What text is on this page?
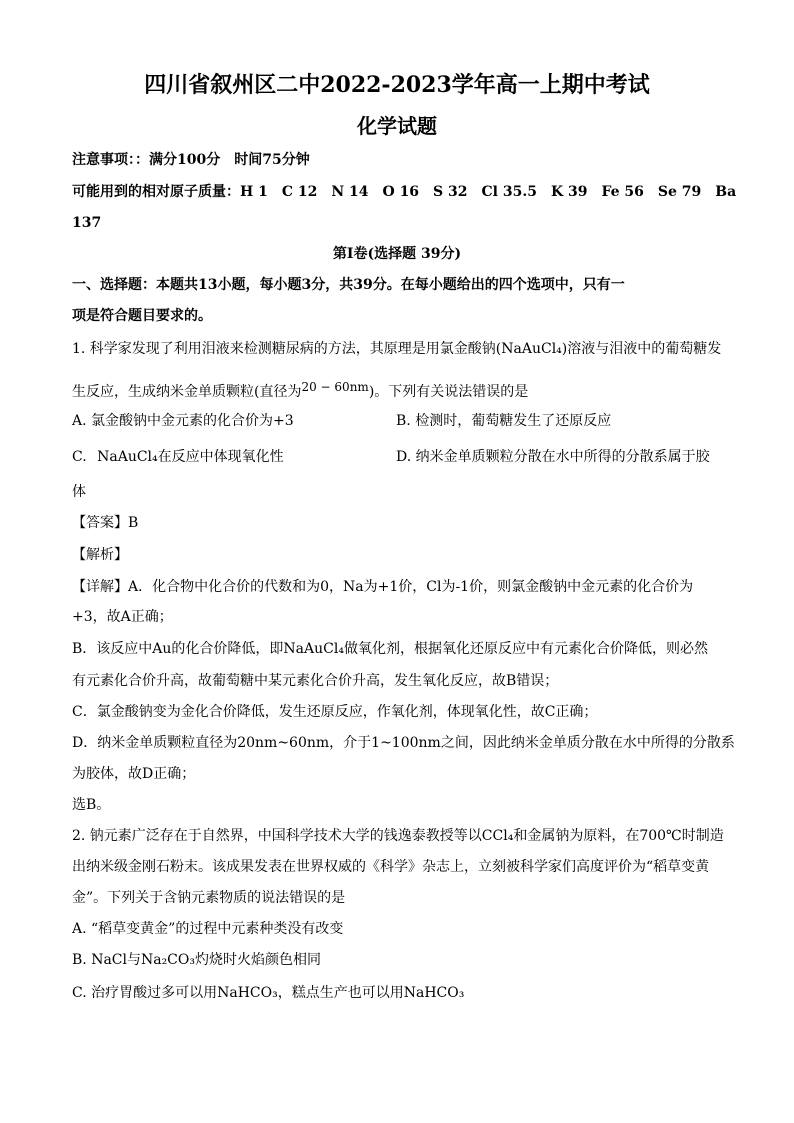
四川省叙州区二中2022-2023学年高一上期中考试
化学试题
注意事项：：满分100分　时间75分钟
可能用到的相对原子质量：H 1　C 12　N 14　O 16　S 32　Cl 35.5　K 39　Fe 56　Se 79　Ba
137
第I卷(选择题 39分)
一、选择题：本题共13小题，每小题3分，共39分。在每小题给出的四个选项中，只有一
项是符合题目要求的。
1. 科学家发现了利用泪液来检测糖尿病的方法，其原理是用氯金酸钠(NaAuCl₄)溶液与泪液中的葡萄糖发
生反应，生成纳米金单质颗粒(直径为20 − 60nm)。下列有关说法错误的是
A. 氯金酸钠中金元素的化合价为+3	B. 检测时，葡萄糖发生了还原反应
C. NaAuCl₄在反应中体现氧化性	D. 纳米金单质颗粒分散在水中所得的分散系属于胶
体
【答案】B
【解析】
【详解】A．化合物中化合价的代数和为0，Na为+1价，Cl为-1价，则氯金酸钠中金元素的化合价为
+3，故A正确；
B．该反应中Au的化合价降低，即NaAuCl₄做氧化剂，根据氧化还原反应中有元素化合价降低，则必然
有元素化合价升高，故葡萄糖中某元素化合价升高，发生氧化反应，故B错误；
C．氯金酸钠变为金化合价降低，发生还原反应，作氧化剂，体现氧化性，故C正确；
D．纳米金单质颗粒直径为20nm~60nm，介于1~100nm之间，因此纳米金单质分散在水中所得的分散系
为胶体，故D正确；
选B。
2. 钠元素广泛存在于自然界，中国科学技术大学的钱逸泰教授等以CCl₄和金属钠为原料，在700℃时制造
出纳米级金刚石粉末。该成果发表在世界权威的《科学》杂志上，立刻被科学家们高度评价为“稻草变黄
金”。下列关于含钠元素物质的说法错误的是
A. “稻草变黄金”的过程中元素种类没有改变
B. NaCl与Na₂CO₃灼烧时火焰颜色相同
C. 治疗胃酸过多可以用NaHCO₃，糕点生产也可以用NaHCO₃
